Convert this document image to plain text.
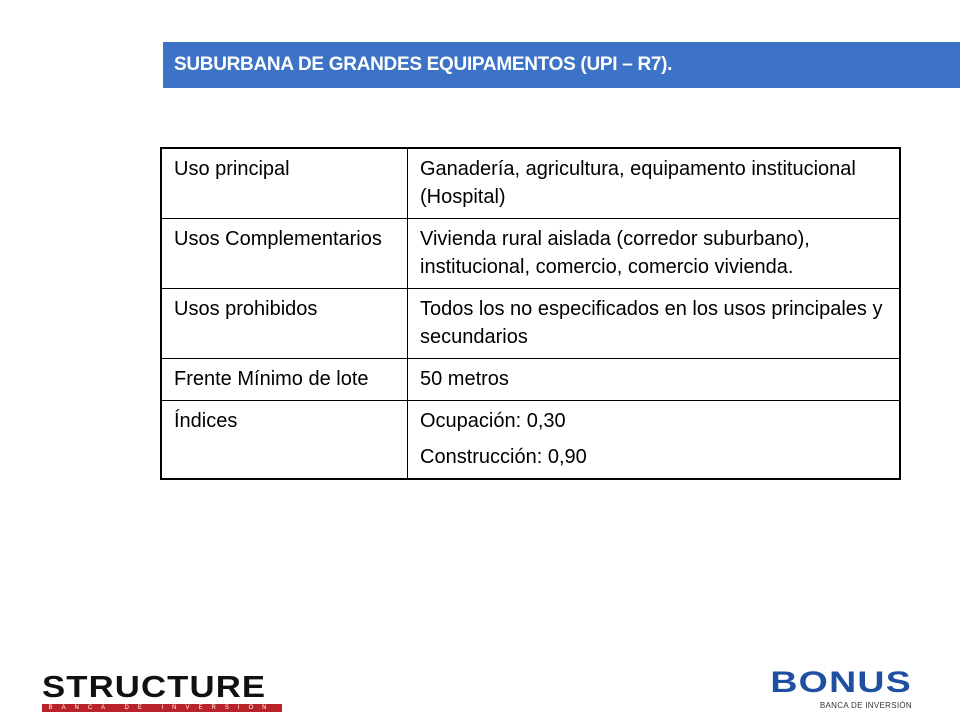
SUBURBANA DE GRANDES EQUIPAMENTOS (UPI – R7).
Uso principal	Ganadería, agricultura, equipamento institucional (Hospital)

Usos Complementarios	Vivienda rural aislada (corredor suburbano), institucional, comercio, comercio vivienda.

Usos prohibidos	Todos los no especificados en los usos principales y secundarios

Frente Mínimo de lote	50 metros

Índices	Ocupación: 0,30

Construcción: 0,90

STRUCTURE
BANCA DE INVERSIÓN
BONUS
BANCA DE INVERSIÓN
